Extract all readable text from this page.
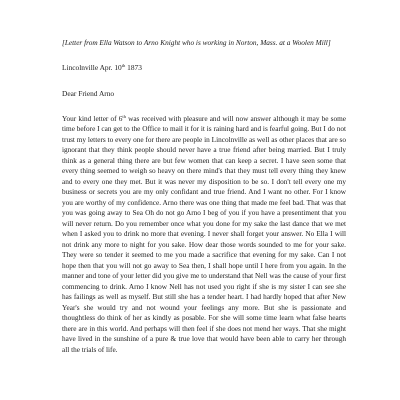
[Letter from Ella Watson to Arno Knight who is working in Norton, Mass. at a Woolen Mill]

Lincolnville Apr. 10th 1873

Dear Friend Arno

Your kind letter of 6th was received with pleasure and will now answer although it may be some time before I can get to the Office to mail it for it is raining hard and is fearful going. But I do not trust my letters to every one for there are people in Lincolnville as well as other places that are so ignorant that they think people should never have a true friend after being married. But I truly think as a general thing there are but few women that can keep a secret. I have seen some that every thing seemed to weigh so heavy on there mind's that they must tell every thing they knew and to every one they met. But it was never my disposition to be so. I don't tell every one my business or secrets you are my only confidant and true friend. And I want no other. For I know you are worthy of my confidence. Arno there was one thing that made me feel bad. That was that you was going away to Sea Oh do not go Arno I beg of you if you have a presentiment that you will never return. Do you remember once what you done for my sake the last dance that we met when I asked you to drink no more that evening. I never shall forget your answer. No Ella I will not drink any more to night for you sake. How dear those words sounded to me for your sake. They were so tender it seemed to me you made a sacrifice that evening for my sake. Can I not hope then that you will not go away to Sea then, I shall hope until I here from you again. In the manner and tone of your letter did you give me to understand that Nell was the cause of your first commencing to drink. Arno I know Nell has not used you right if she is my sister I can see she has failings as well as myself. But still she has a tender heart. I had hardly hoped that after New Year's she would try and not wound your feelings any more. But she is passionate and thoughtless do think of her as kindly as posable. For she will some time learn what false hearts there are in this world. And perhaps will then feel if she does not mend her ways. That she might have lived in the sunshine of a pure & true love that would have been able to carry her through all the trials of life.
